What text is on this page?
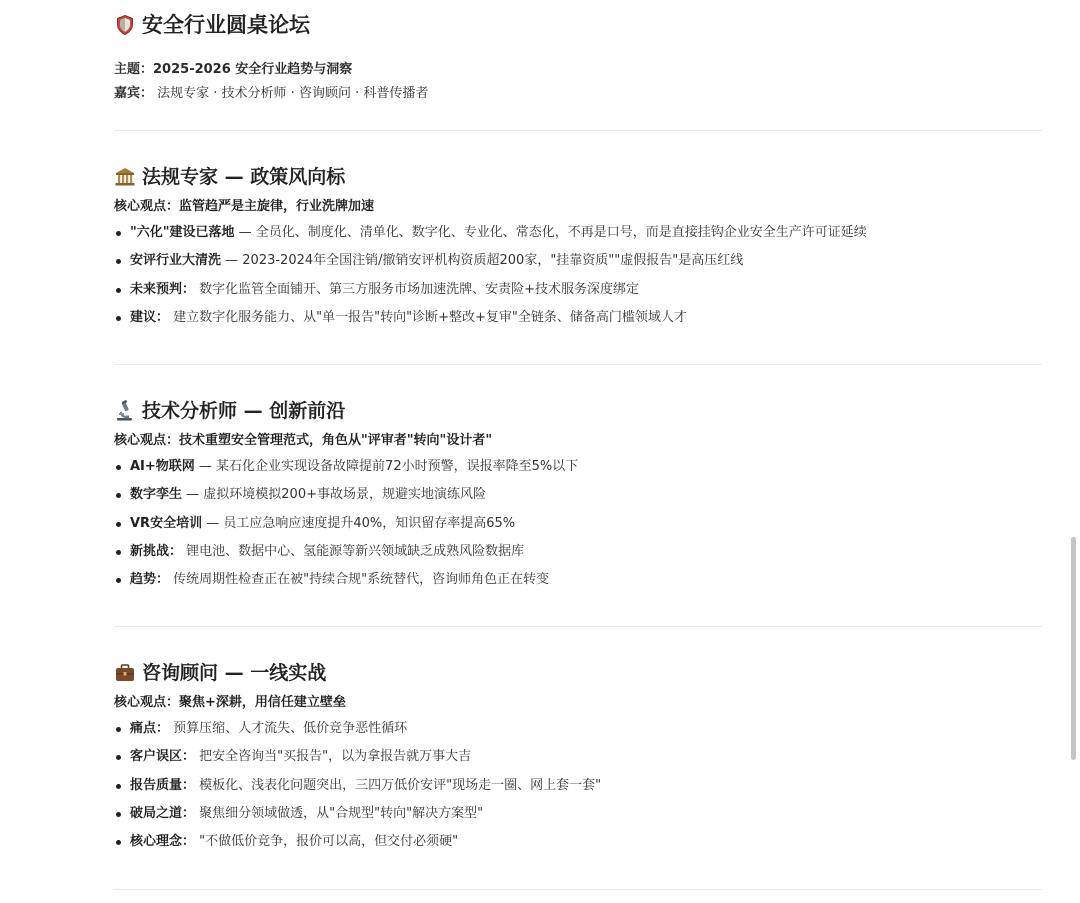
安全行业圆桌论坛
主题：2025-2026 安全行业趋势与洞察
嘉宾： 法规专家 · 技术分析师 · 咨询顾问 · 科普传播者
法规专家 — 政策风向标
核心观点：监管趋严是主旋律，行业洗牌加速
"六化"建设已落地 — 全员化、制度化、清单化、数字化、专业化、常态化，不再是口号，而是直接挂钩企业安全生产许可证延续
安评行业大清洗 — 2023-2024年全国注销/撤销安评机构资质超200家，"挂靠资质""虚假报告"是高压红线
未来预判： 数字化监管全面铺开、第三方服务市场加速洗牌、安责险+技术服务深度绑定
建议： 建立数字化服务能力、从"单一报告"转向"诊断+整改+复审"全链条、储备高门槛领域人才
技术分析师 — 创新前沿
核心观点：技术重塑安全管理范式，角色从"评审者"转向"设计者"
AI+物联网 — 某石化企业实现设备故障提前72小时预警，误报率降至5%以下
数字孪生 — 虚拟环境模拟200+事故场景，规避实地演练风险
VR安全培训 — 员工应急响应速度提升40%，知识留存率提高65%
新挑战： 锂电池、数据中心、氢能源等新兴领域缺乏成熟风险数据库
趋势： 传统周期性检查正在被"持续合规"系统替代，咨询师角色正在转变
咨询顾问 — 一线实战
核心观点：聚焦+深耕，用信任建立壁垒
痛点： 预算压缩、人才流失、低价竞争恶性循环
客户误区： 把安全咨询当"买报告"，以为拿报告就万事大吉
报告质量： 模板化、浅表化问题突出，三四万低价安评"现场走一圈、网上套一套"
破局之道： 聚焦细分领域做透，从"合规型"转向"解决方案型"
核心理念： "不做低价竞争，报价可以高，但交付必须硬"
